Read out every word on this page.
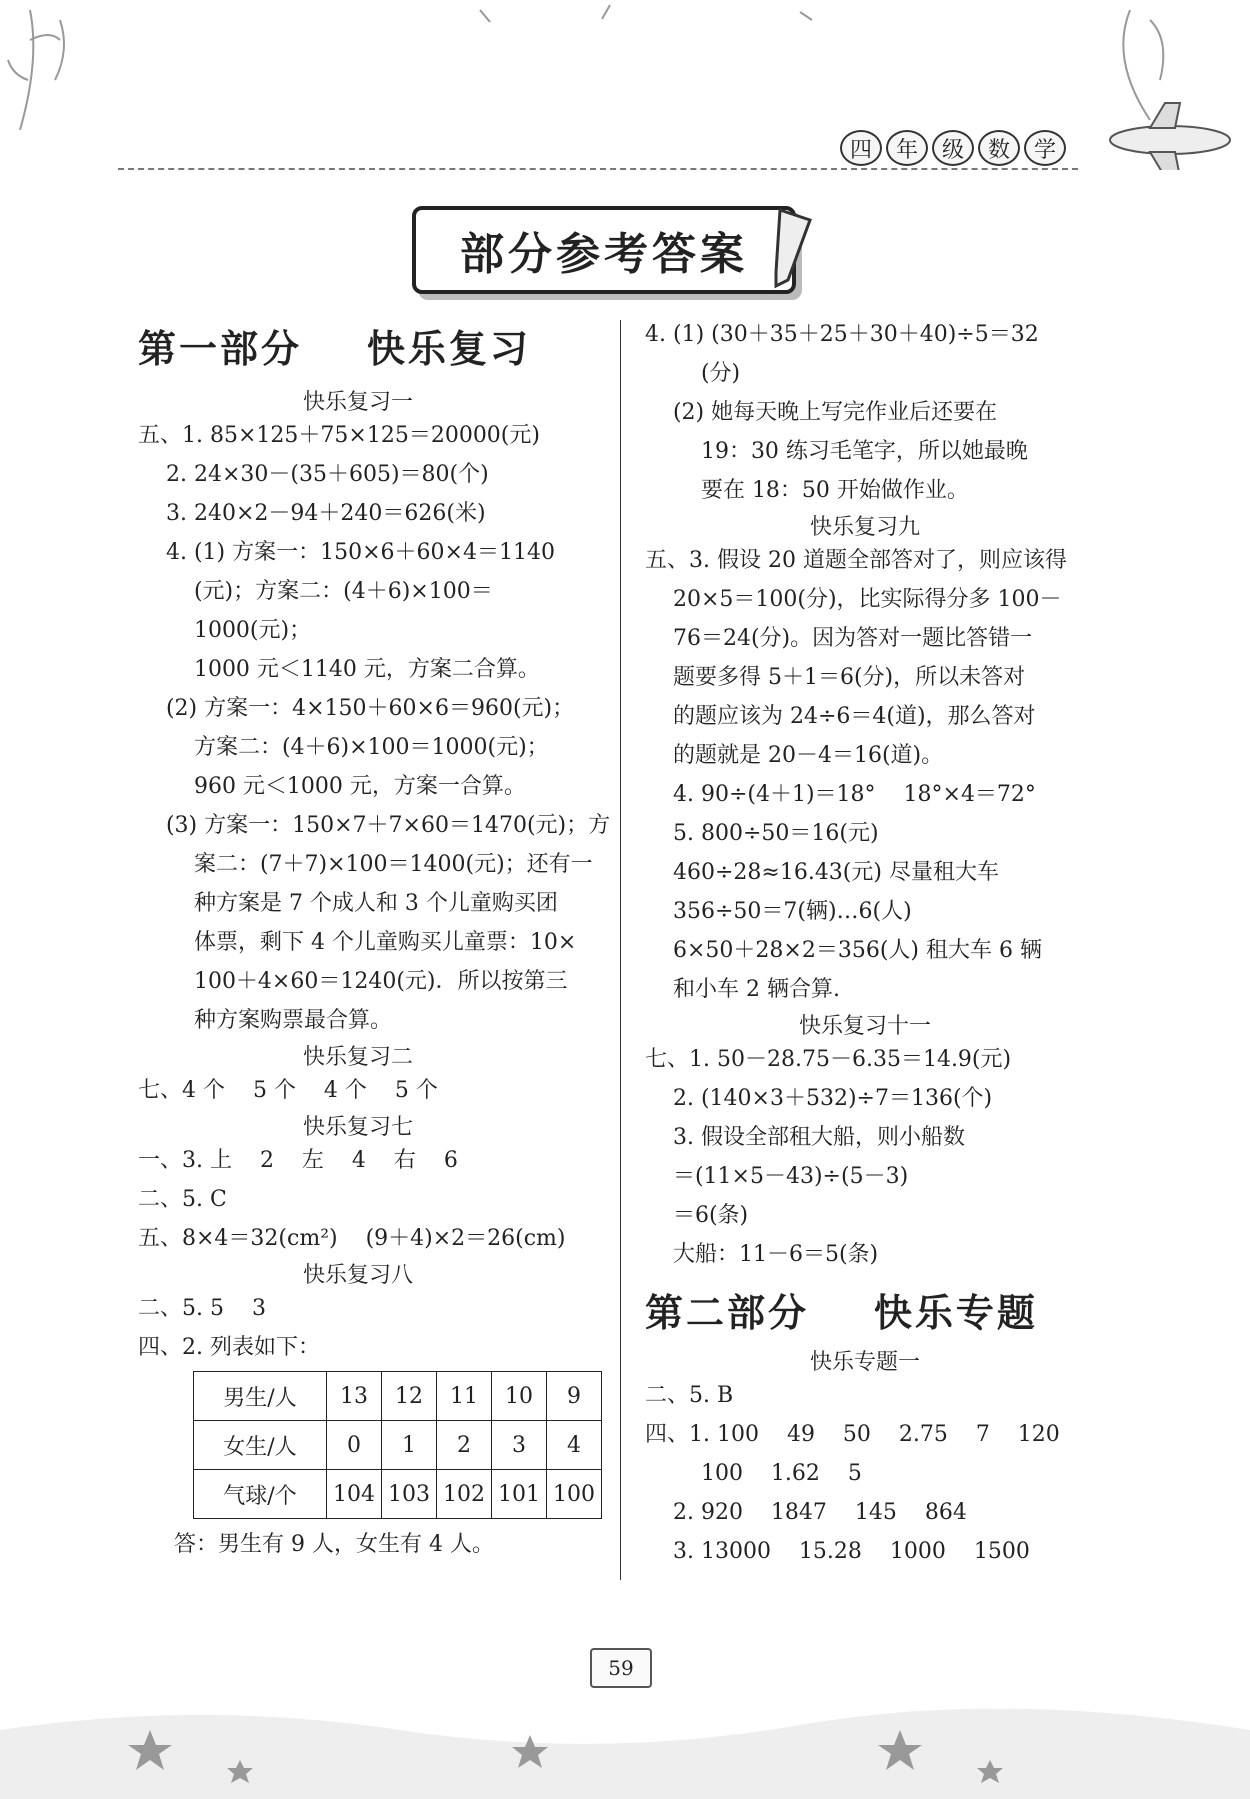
四	年	级	数	学
部分参考答案
第一部分    快乐复习
快乐复习一
五、1. 85×125＋75×125＝20000(元)
2. 24×30－(35＋605)＝80(个)
3. 240×2－94＋240＝626(米)
4. (1) 方案一：150×6＋60×4＝1140
(元)；方案二：(4＋6)×100＝
1000(元)；
1000 元＜1140 元，方案二合算。
(2) 方案一：4×150＋60×6＝960(元)；
方案二：(4＋6)×100＝1000(元)；
960 元＜1000 元，方案一合算。
(3) 方案一：150×7＋7×60＝1470(元)；方
案二：(7＋7)×100＝1400(元)；还有一
种方案是 7 个成人和 3 个儿童购买团
体票，剩下 4 个儿童购买儿童票：10×
100＋4×60＝1240(元)．所以按第三
种方案购票最合算。
快乐复习二
七、4 个    5 个    4 个    5 个
快乐复习七
一、3. 上    2    左    4    右    6
二、5. C
五、8×4＝32(cm²)    (9＋4)×2＝26(cm)
快乐复习八
二、5. 5    3
四、2. 列表如下：
男生/人	13	12	11	10	9
女生/人	0	1	2	3	4
气球/个	104	103	102	101	100
答：男生有 9 人，女生有 4 人。
4. (1) (30＋35＋25＋30＋40)÷5＝32
(分)
(2) 她每天晚上写完作业后还要在
19：30 练习毛笔字，所以她最晚
要在 18：50 开始做作业。
快乐复习九
五、3. 假设 20 道题全部答对了，则应该得
20×5＝100(分)，比实际得分多 100－
76＝24(分)。因为答对一题比答错一
题要多得 5＋1＝6(分)，所以未答对
的题应该为 24÷6＝4(道)，那么答对
的题就是 20－4＝16(道)。
4. 90÷(4＋1)＝18°    18°×4＝72°
5. 800÷50＝16(元)
460÷28≈16.43(元) 尽量租大车
356÷50＝7(辆)…6(人)
6×50＋28×2＝356(人) 租大车 6 辆
和小车 2 辆合算.
快乐复习十一
七、1. 50－28.75－6.35＝14.9(元)
2. (140×3＋532)÷7＝136(个)
3. 假设全部租大船，则小船数
＝(11×5－43)÷(5－3)
＝6(条)
大船：11－6＝5(条)
第二部分    快乐专题
快乐专题一
二、5. B
四、1. 100    49    50    2.75    7    120
100    1.62    5
2. 920    1847    145    864
3. 13000    15.28    1000    1500
59
